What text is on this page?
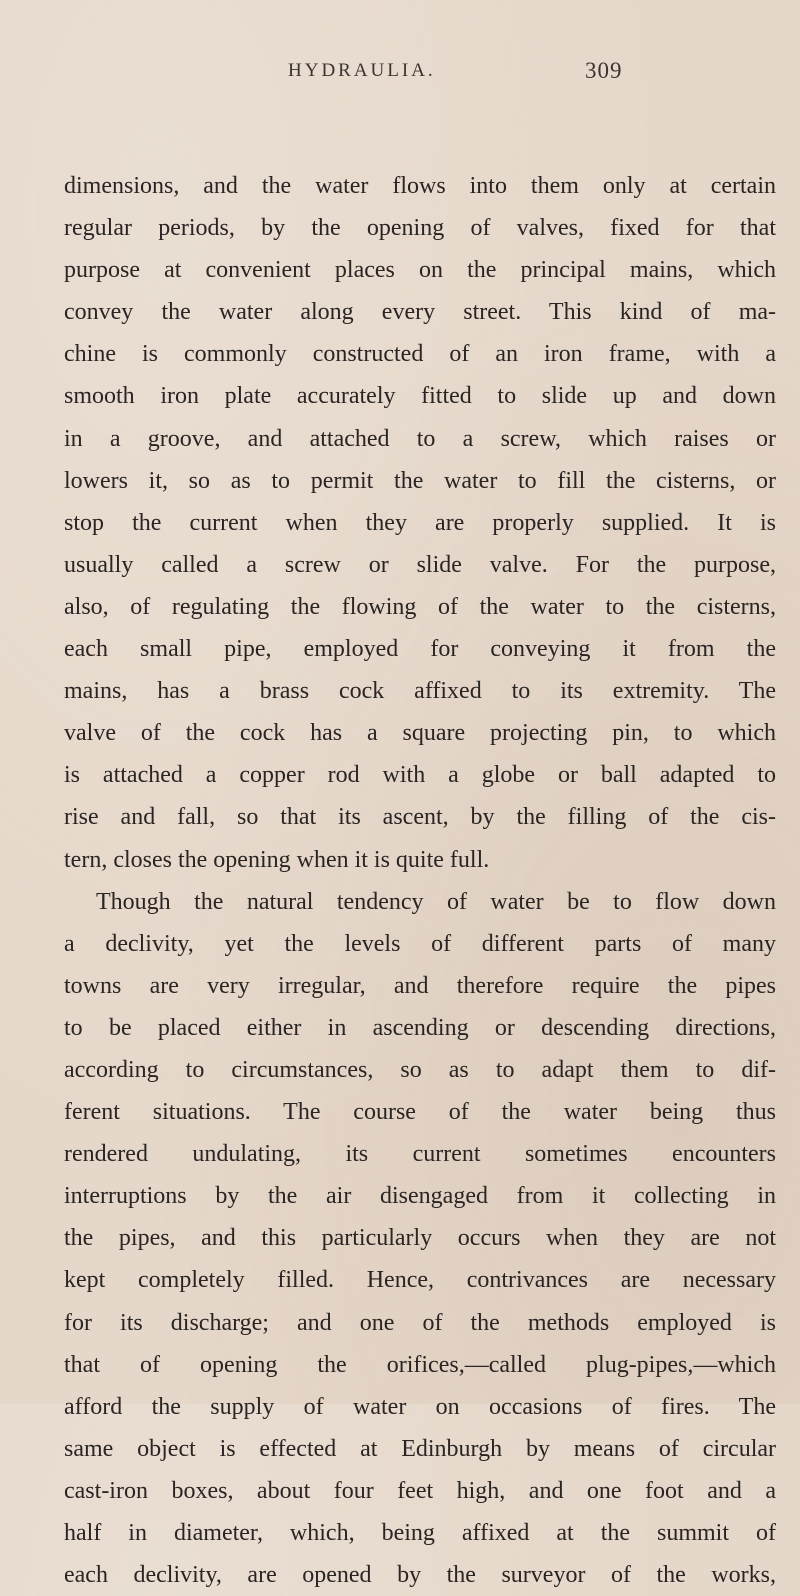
HYDRAULIA.	309
dimensions, and the water flows into them only at certain
regular periods, by the opening of valves, fixed for that
purpose at convenient places on the principal mains, which
convey the water along every street. This kind of ma-
chine is commonly constructed of an iron frame, with a
smooth iron plate accurately fitted to slide up and down
in a groove, and attached to a screw, which raises or
lowers it, so as to permit the water to fill the cisterns, or
stop the current when they are properly supplied. It is
usually called a screw or slide valve. For the purpose,
also, of regulating the flowing of the water to the cisterns,
each small pipe, employed for conveying it from the
mains, has a brass cock affixed to its extremity. The
valve of the cock has a square projecting pin, to which
is attached a copper rod with a globe or ball adapted to
rise and fall, so that its ascent, by the filling of the cis-
tern, closes the opening when it is quite full.
Though the natural tendency of water be to flow down
a declivity, yet the levels of different parts of many
towns are very irregular, and therefore require the pipes
to be placed either in ascending or descending directions,
according to circumstances, so as to adapt them to dif-
ferent situations. The course of the water being thus
rendered undulating, its current sometimes encounters
interruptions by the air disengaged from it collecting in
the pipes, and this particularly occurs when they are not
kept completely filled. Hence, contrivances are necessary
for its discharge; and one of the methods employed is
that of opening the orifices,—called plug-pipes,—which
afford the supply of water on occasions of fires. The
same object is effected at Edinburgh by means of circular
cast-iron boxes, about four feet high, and one foot and a
half in diameter, which, being affixed at the summit of
each declivity, are opened by the surveyor of the works,
